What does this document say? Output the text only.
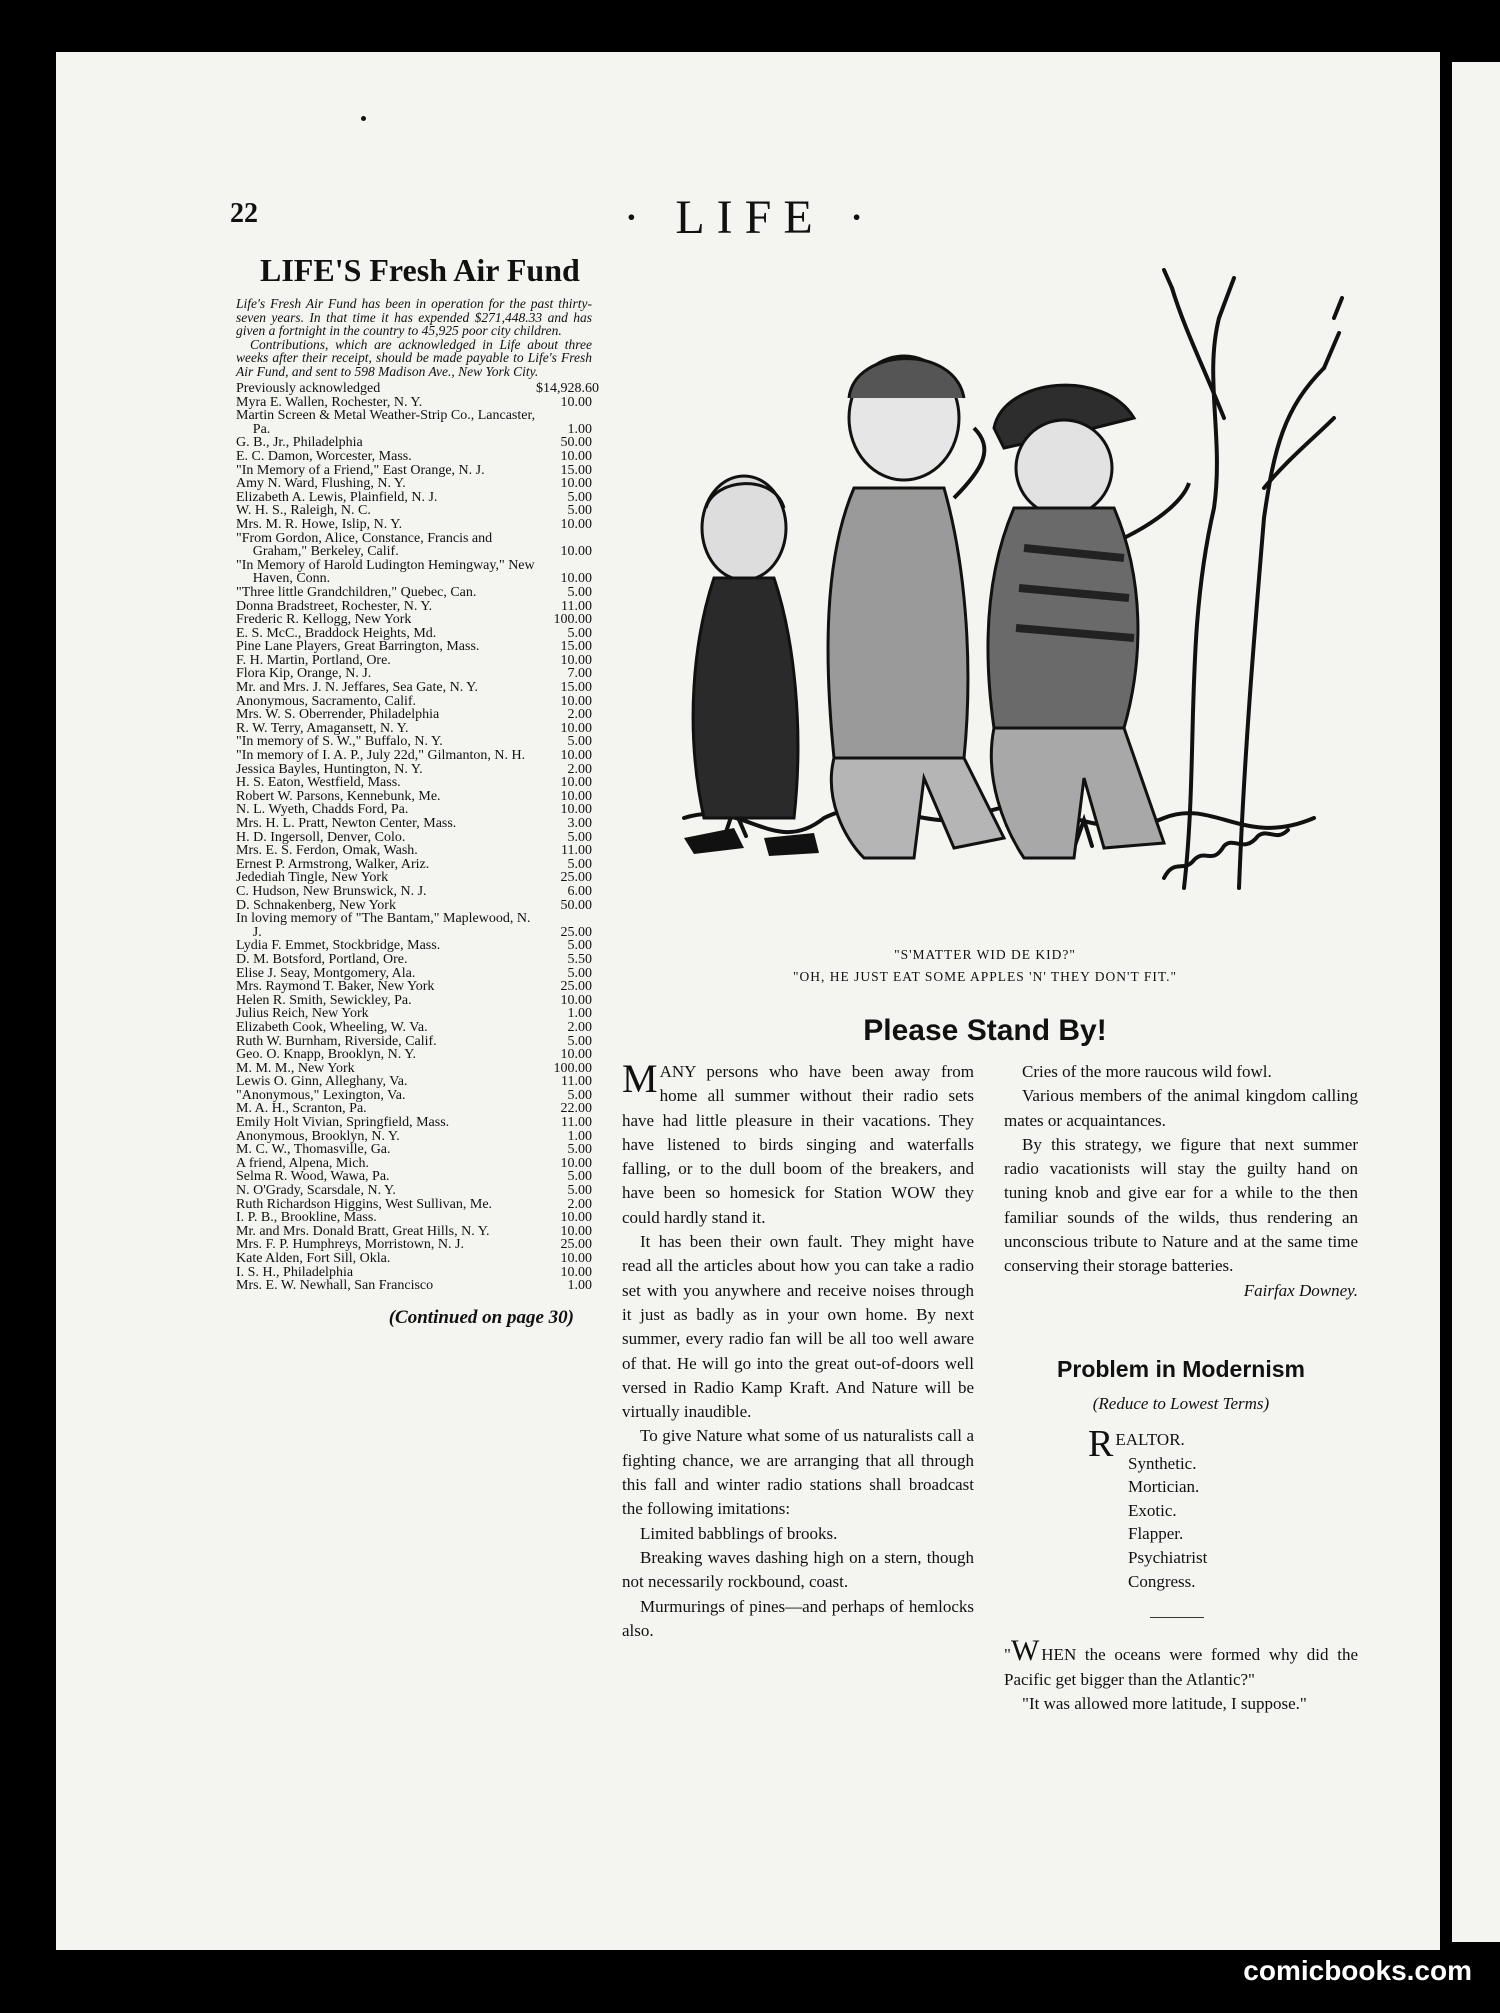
22	· LIFE ·
LIFE'S Fresh Air Fund

Life's Fresh Air Fund has been in operation for the past thirty-seven years. In that time it has expended $271,448.33 and has given a fortnight in the country to 45,925 poor city children.

Contributions, which are acknowledged in Life about three weeks after their receipt, should be made payable to Life's Fresh Air Fund, and sent to 598 Madison Ave., New York City.

Previously acknowledged	$14,928.60
Myra E. Wallen, Rochester, N. Y.	10.00
Martin Screen & Metal Weather-Strip Co., Lancaster, Pa.	1.00
G. B., Jr., Philadelphia	50.00
E. C. Damon, Worcester, Mass.	10.00
"In Memory of a Friend," East Orange, N. J.	15.00
Amy N. Ward, Flushing, N. Y.	10.00
Elizabeth A. Lewis, Plainfield, N. J.	5.00
W. H. S., Raleigh, N. C.	5.00
Mrs. M. R. Howe, Islip, N. Y.	10.00
"From Gordon, Alice, Constance, Francis and Graham," Berkeley, Calif.	10.00
"In Memory of Harold Ludington Hemingway," New Haven, Conn.	10.00
"Three little Grandchildren," Quebec, Can.	5.00
Donna Bradstreet, Rochester, N. Y.	11.00
Frederic R. Kellogg, New York	100.00
E. S. McC., Braddock Heights, Md.	5.00
Pine Lane Players, Great Barrington, Mass.	15.00
F. H. Martin, Portland, Ore.	10.00
Flora Kip, Orange, N. J.	7.00
Mr. and Mrs. J. N. Jeffares, Sea Gate, N. Y.	15.00
Anonymous, Sacramento, Calif.	10.00
Mrs. W. S. Oberrender, Philadelphia	2.00
R. W. Terry, Amagansett, N. Y.	10.00
"In memory of S. W.," Buffalo, N. Y.	5.00
"In memory of I. A. P., July 22d," Gilmanton, N. H.	10.00
Jessica Bayles, Huntington, N. Y.	2.00
H. S. Eaton, Westfield, Mass.	10.00
Robert W. Parsons, Kennebunk, Me.	10.00
N. L. Wyeth, Chadds Ford, Pa.	10.00
Mrs. H. L. Pratt, Newton Center, Mass.	3.00
H. D. Ingersoll, Denver, Colo.	5.00
Mrs. E. S. Ferdon, Omak, Wash.	11.00
Ernest P. Armstrong, Walker, Ariz.	5.00
Jedediah Tingle, New York	25.00
C. Hudson, New Brunswick, N. J.	6.00
D. Schnakenberg, New York	50.00
In loving memory of "The Bantam," Maplewood, N. J.	25.00
Lydia F. Emmet, Stockbridge, Mass.	5.00
D. M. Botsford, Portland, Ore.	5.50
Elise J. Seay, Montgomery, Ala.	5.00
Mrs. Raymond T. Baker, New York	25.00
Helen R. Smith, Sewickley, Pa.	10.00
Julius Reich, New York	1.00
Elizabeth Cook, Wheeling, W. Va.	2.00
Ruth W. Burnham, Riverside, Calif.	5.00
Geo. O. Knapp, Brooklyn, N. Y.	10.00
M. M. M., New York	100.00
Lewis O. Ginn, Alleghany, Va.	11.00
"Anonymous," Lexington, Va.	5.00
M. A. H., Scranton, Pa.	22.00
Emily Holt Vivian, Springfield, Mass.	11.00
Anonymous, Brooklyn, N. Y.	1.00
M. C. W., Thomasville, Ga.	5.00
A friend, Alpena, Mich.	10.00
Selma R. Wood, Wawa, Pa.	5.00
N. O'Grady, Scarsdale, N. Y.	5.00
Ruth Richardson Higgins, West Sullivan, Me.	2.00
I. P. B., Brookline, Mass.	10.00
Mr. and Mrs. Donald Bratt, Great Hills, N. Y.	10.00
Mrs. F. P. Humphreys, Morristown, N. J.	25.00
Kate Alden, Fort Sill, Okla.	10.00
I. S. H., Philadelphia	10.00
Mrs. E. W. Newhall, San Francisco	1.00
(Continued on page 30)
"S'MATTER WID DE KID?"
"OH, HE JUST EAT SOME APPLES 'N' THEY DON'T FIT."
Please Stand By!

MANY persons who have been away from home all summer without their radio sets have had little pleasure in their vacations. They have listened to birds singing and waterfalls falling, or to the dull boom of the breakers, and have been so homesick for Station WOW they could hardly stand it.

It has been their own fault. They might have read all the articles about how you can take a radio set with you anywhere and receive noises through it just as badly as in your own home. By next summer, every radio fan will be all too well aware of that. He will go into the great out-of-doors well versed in Radio Kamp Kraft. And Nature will be virtually inaudible.

To give Nature what some of us naturalists call a fighting chance, we are arranging that all through this fall and winter radio stations shall broadcast the following imitations:

Limited babblings of brooks.

Breaking waves dashing high on a stern, though not necessarily rockbound, coast.

Murmurings of pines—and perhaps of hemlocks also.

Cries of the more raucous wild fowl.

Various members of the animal kingdom calling mates or acquaintances.

By this strategy, we figure that next summer radio vacationists will stay the guilty hand on tuning knob and give ear for a while to the then familiar sounds of the wilds, thus rendering an unconscious tribute to Nature and at the same time conserving their storage batteries.
Fairfax Downey.

Problem in Modernism
(Reduce to Lowest Terms)
R EALTOR.
Synthetic.
Mortician.
Exotic.
Flapper.
Psychiatrist
Congress.

"W HEN the oceans were formed why did the Pacific get bigger than the Atlantic?"

"It was allowed more latitude, I suppose."

comicbooks.com
